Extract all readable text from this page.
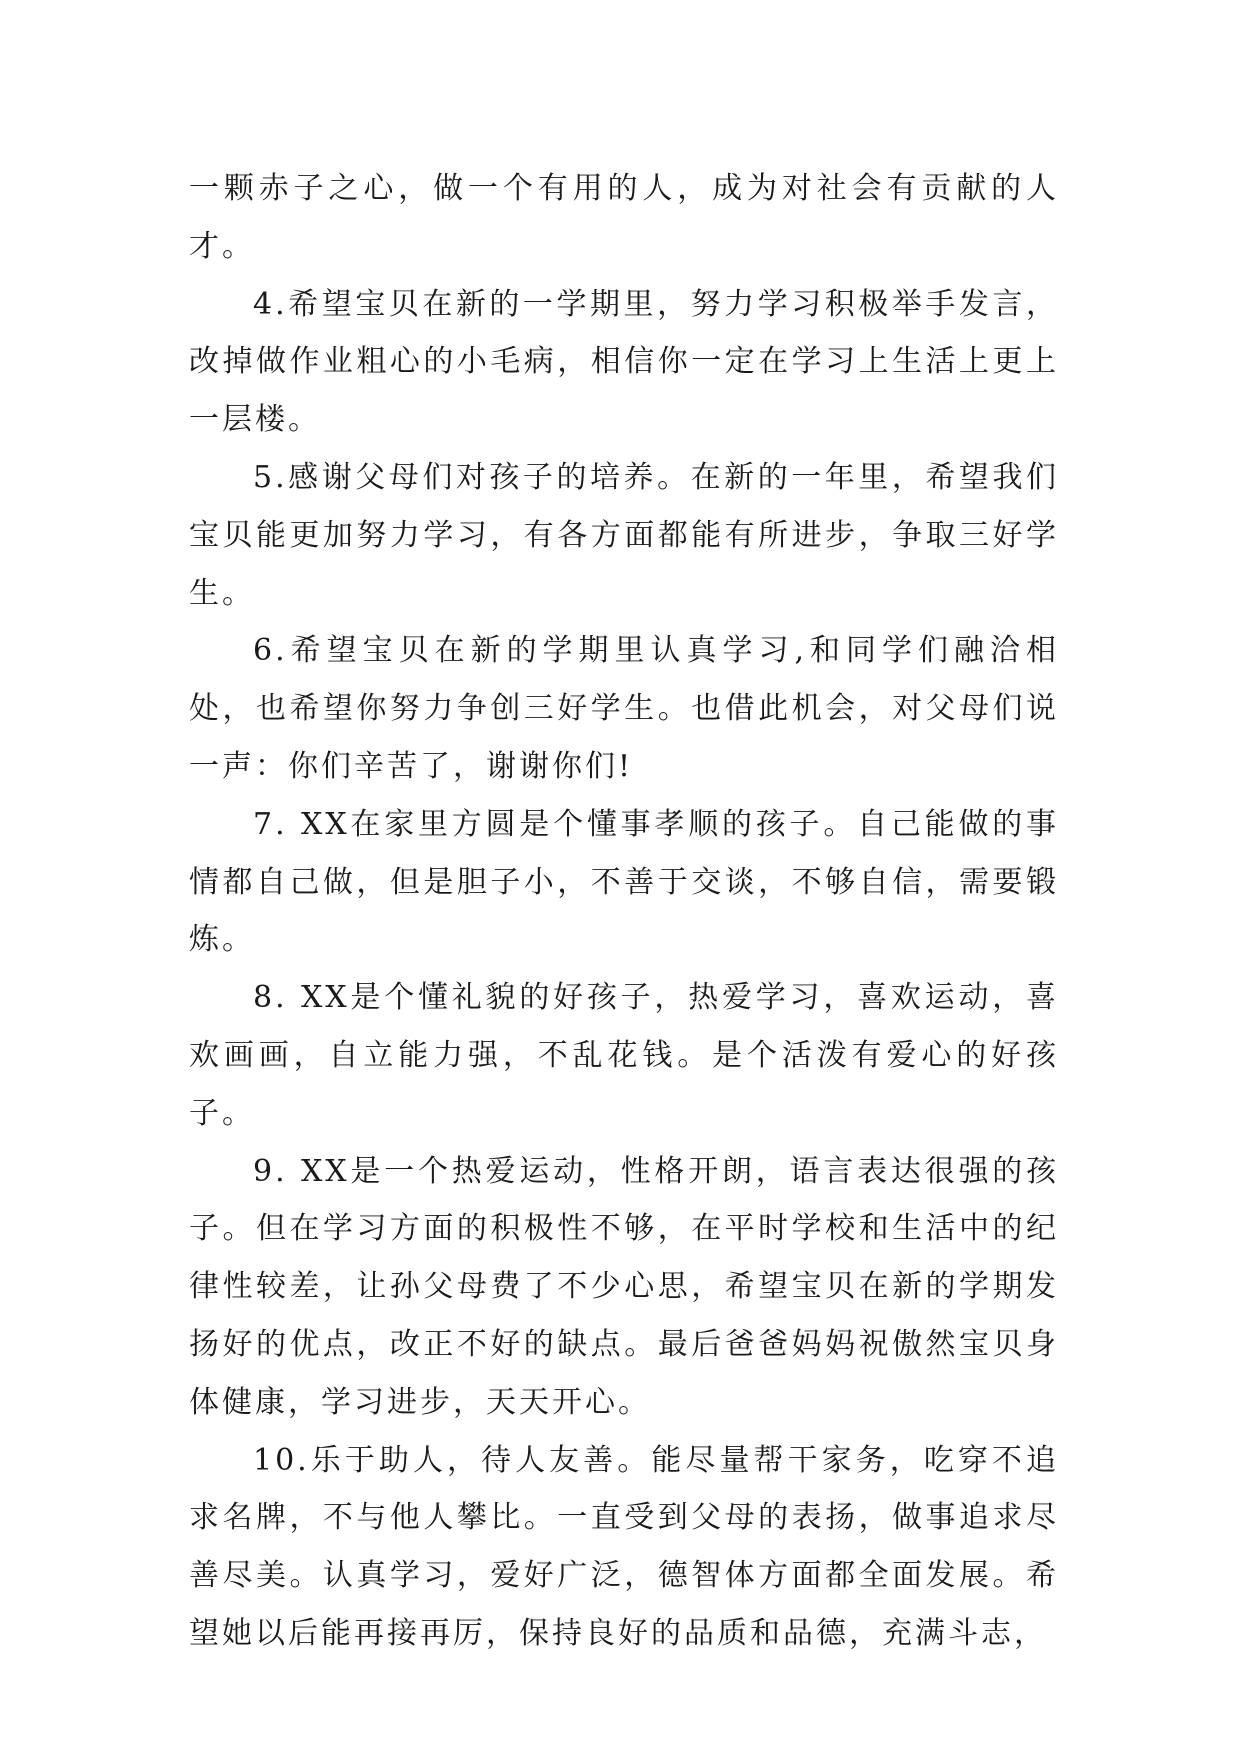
一颗赤子之心，做一个有用的人，成为对社会有贡献的人才。

4.希望宝贝在新的一学期里，努力学习积极举手发言，改掉做作业粗心的小毛病，相信你一定在学习上生活上更上一层楼。

5.感谢父母们对孩子的培养。在新的一年里，希望我们宝贝能更加努力学习，有各方面都能有所进步，争取三好学生。

6.希望宝贝在新的学期里认真学习,和同学们融洽相处，也希望你努力争创三好学生。也借此机会，对父母们说一声：你们辛苦了，谢谢你们!

7. XX在家里方圆是个懂事孝顺的孩子。自己能做的事情都自己做，但是胆子小，不善于交谈，不够自信，需要锻炼。

8. XX是个懂礼貌的好孩子，热爱学习，喜欢运动，喜欢画画，自立能力强，不乱花钱。是个活泼有爱心的好孩子。

9. XX是一个热爱运动，性格开朗，语言表达很强的孩子。但在学习方面的积极性不够，在平时学校和生活中的纪律性较差，让孙父母费了不少心思，希望宝贝在新的学期发扬好的优点，改正不好的缺点。最后爸爸妈妈祝傲然宝贝身体健康，学习进步，天天开心。

10.乐于助人，待人友善。能尽量帮干家务，吃穿不追求名牌，不与他人攀比。一直受到父母的表扬，做事追求尽善尽美。认真学习，爱好广泛，德智体方面都全面发展。希望她以后能再接再厉，保持良好的品质和品德，充满斗志，
